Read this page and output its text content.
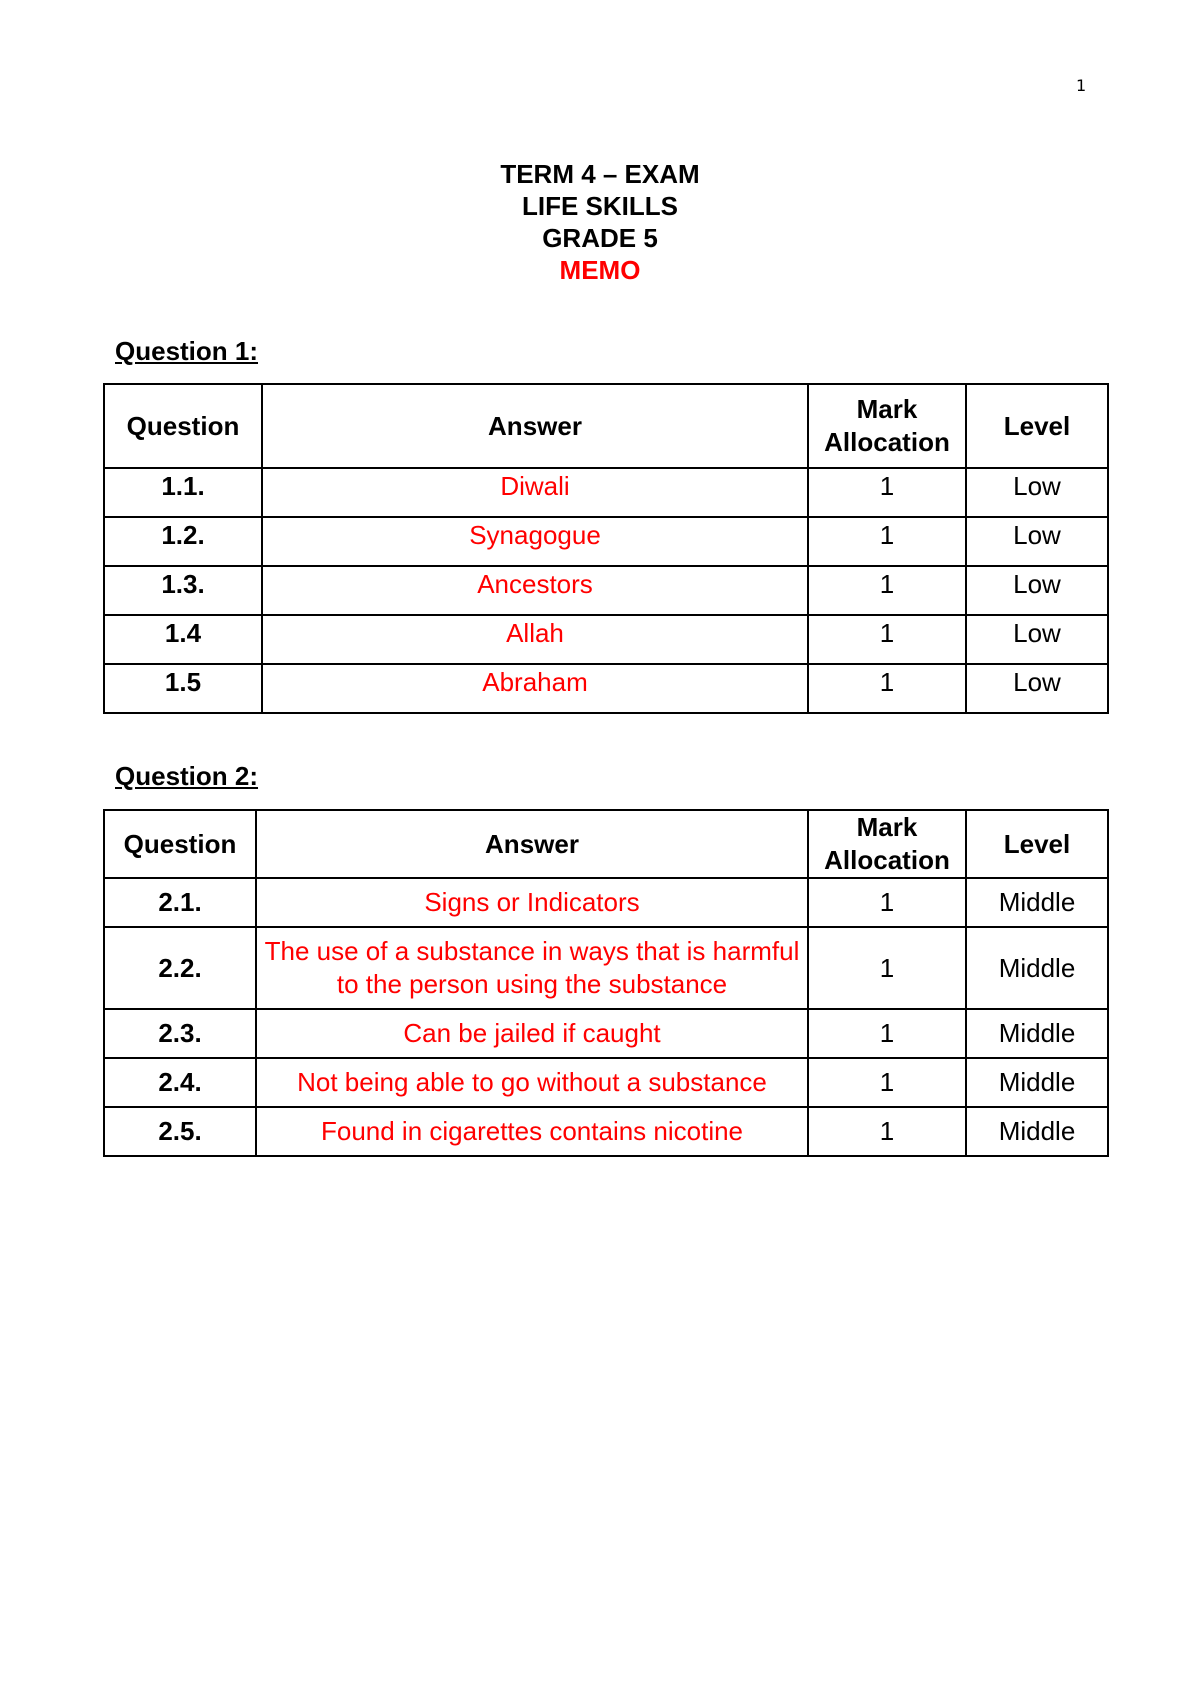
1
TERM 4 – EXAM
LIFE SKILLS
GRADE 5
MEMO
Question 1:
Question	Answer	Mark Allocation	Level
1.1.	Diwali	1	Low
1.2.	Synagogue	1	Low
1.3.	Ancestors	1	Low
1.4	Allah	1	Low
1.5	Abraham	1	Low
Question 2:
Question	Answer	Mark Allocation	Level
2.1.	Signs or Indicators	1	Middle
2.2.	The use of a substance in ways that is harmful to the person using the substance	1	Middle
2.3.	Can be jailed if caught	1	Middle
2.4.	Not being able to go without a substance	1	Middle
2.5.	Found in cigarettes contains nicotine	1	Middle
